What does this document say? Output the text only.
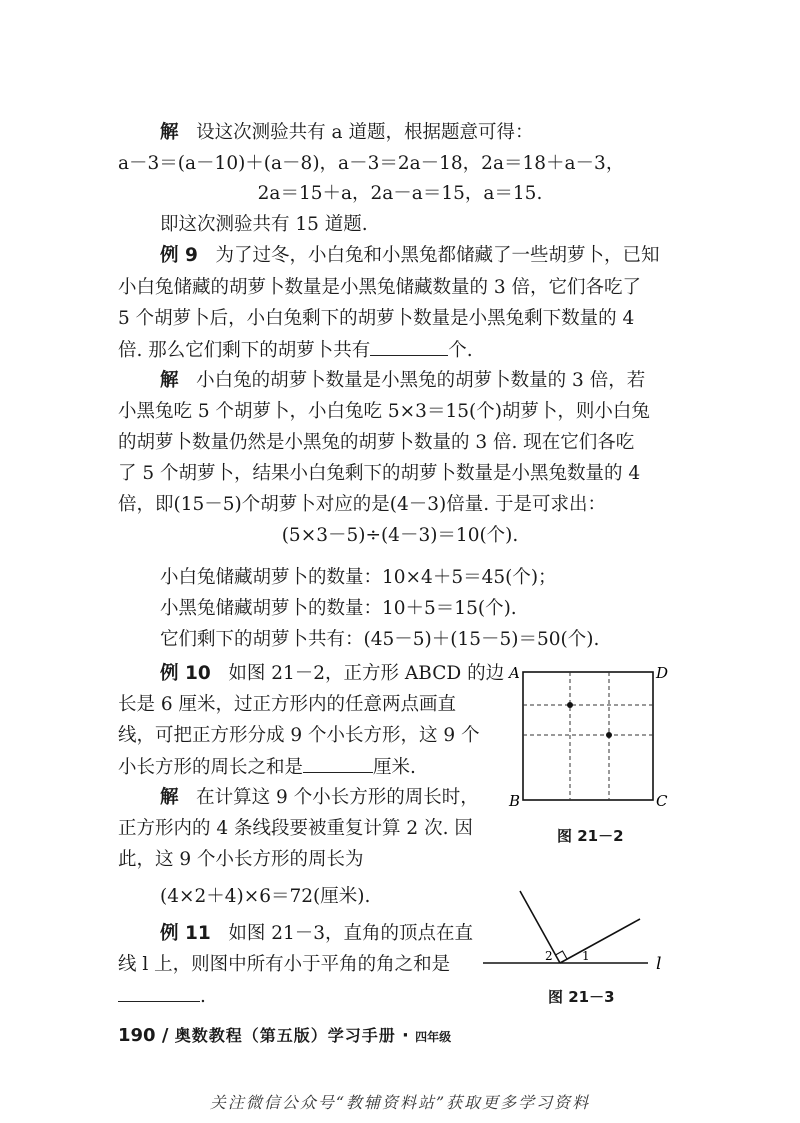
解 设这次测验共有 a 道题，根据题意可得：
a－3＝(a－10)＋(a－8)，a－3＝2a－18，2a＝18＋a－3，
2a＝15＋a，2a－a＝15，a＝15.
即这次测验共有 15 道题.
例 9 为了过冬，小白兔和小黑兔都储藏了一些胡萝卜，已知
小白兔储藏的胡萝卜数量是小黑兔储藏数量的 3 倍，它们各吃了
5 个胡萝卜后，小白兔剩下的胡萝卜数量是小黑兔剩下数量的 4
倍. 那么它们剩下的胡萝卜共有	个.
解 小白兔的胡萝卜数量是小黑兔的胡萝卜数量的 3 倍，若
小黑兔吃 5 个胡萝卜，小白兔吃 5×3＝15(个)胡萝卜，则小白兔
的胡萝卜数量仍然是小黑兔的胡萝卜数量的 3 倍. 现在它们各吃
了 5 个胡萝卜，结果小白兔剩下的胡萝卜数量是小黑兔数量的 4
倍，即(15－5)个胡萝卜对应的是(4－3)倍量. 于是可求出：
(5×3－5)÷(4－3)＝10(个).
小白兔储藏胡萝卜的数量：10×4＋5＝45(个)；
小黑兔储藏胡萝卜的数量：10＋5＝15(个).
它们剩下的胡萝卜共有：(45－5)＋(15－5)＝50(个).
例 10 如图 21－2，正方形 ABCD 的边
长是 6 厘米，过正方形内的任意两点画直
线，可把正方形分成 9 个小长方形，这 9 个
小长方形的周长之和是	厘米.
解 在计算这 9 个小长方形的周长时，
正方形内的 4 条线段要被重复计算 2 次. 因
此，这 9 个小长方形的周长为
(4×2＋4)×6＝72(厘米).
例 11 如图 21－3，直角的顶点在直
线 l 上，则图中所有小于平角的角之和是
.
A	D
B	C
图 21－2
1
2	l
图 21－3
190 / 奥数教程（第五版）学习手册 · 四年级
关注微信公众号“教辅资料站”获取更多学习资料
